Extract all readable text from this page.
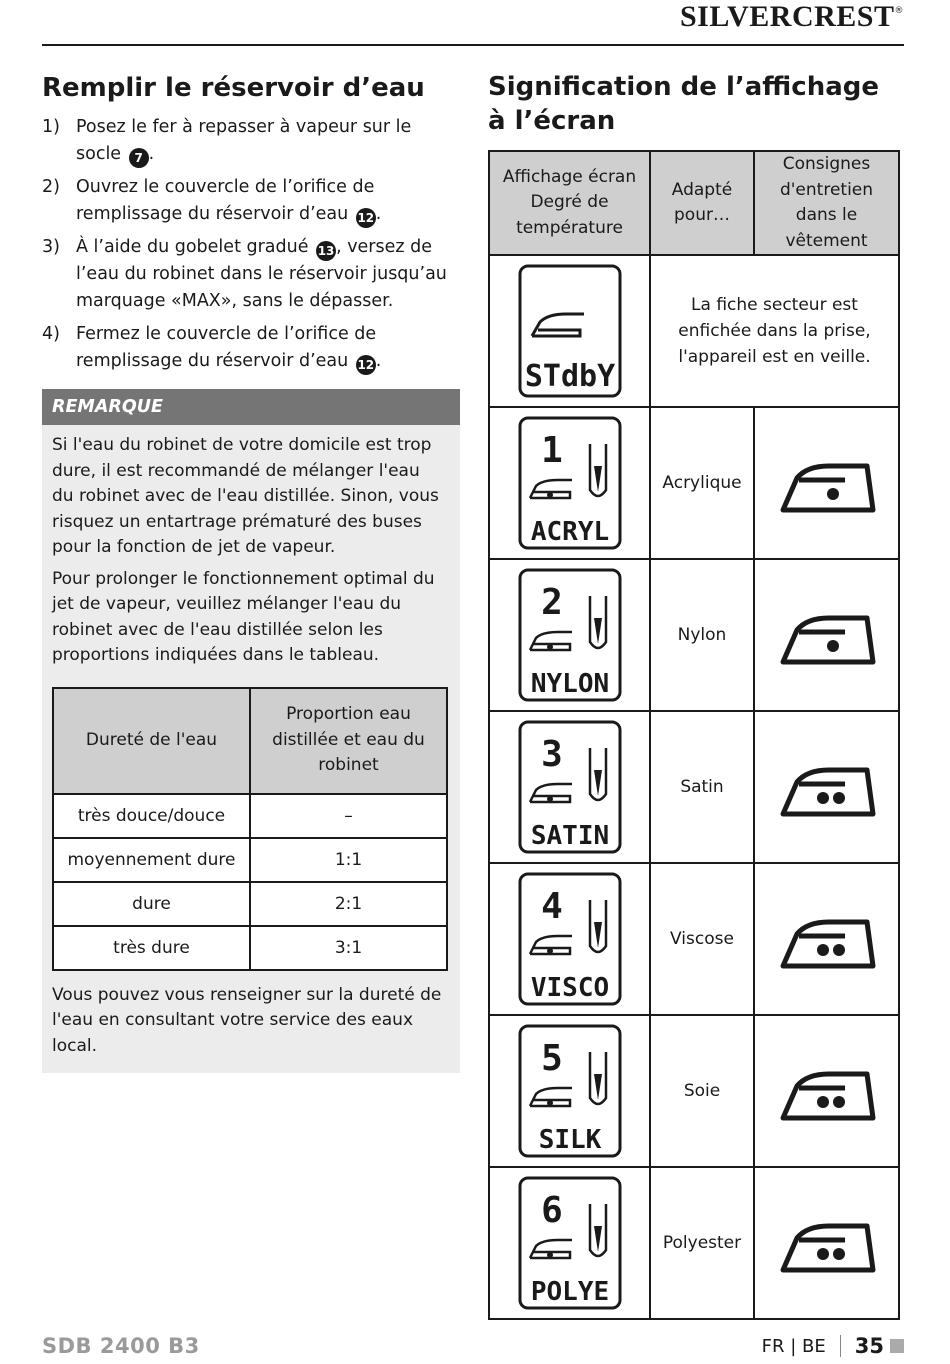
SILVERCREST®
Remplir le réservoir d’eau
1) Posez le fer à repasser à vapeur sur le socle 7 .
2) Ouvrez le couvercle de l’orifice de remplissage du réservoir d’eau 12.
3) À l’aide du gobelet gradué 13, versez de l’eau du robinet dans le réservoir jusqu’au marquage «MAX», sans le dépasser.
4) Fermez le couvercle de l’orifice de remplissage du réservoir d’eau 12.
REMARQUE

Si l'eau du robinet de votre domicile est trop dure, il est recommandé de mélanger l'eau du robinet avec de l'eau distillée. Sinon, vous risquez un entartrage prématuré des buses pour la fonction de jet de vapeur.

Pour prolonger le fonctionnement optimal du jet de vapeur, veuillez mélanger l'eau du robinet avec de l'eau distillée selon les proportions indiquées dans le tableau.

Dureté de l'eau	Proportion eau distillée et eau du robinet
très douce/douce	–
moyennement dure	1:1
dure	2:1
très dure	3:1

Vous pouvez vous renseigner sur la dureté de l'eau en consultant votre service des eaux local.

Signification de l’affichage à l’écran
Affichage écran Degré de température	Adapté pour…	Consignes d'entretien dans le vêtement

STdbY	La fiche secteur est enfichée dans la prise, l'appareil est en veille.	

1
ACRYL	Acrylique	

2
NYLON	Nylon	

3
SATIN	Satin	

4
VISCO	Viscose	

5
SILK	Soie	

6
POLYE	Polyester	
SDB 2400 B3	FR | BE 35
